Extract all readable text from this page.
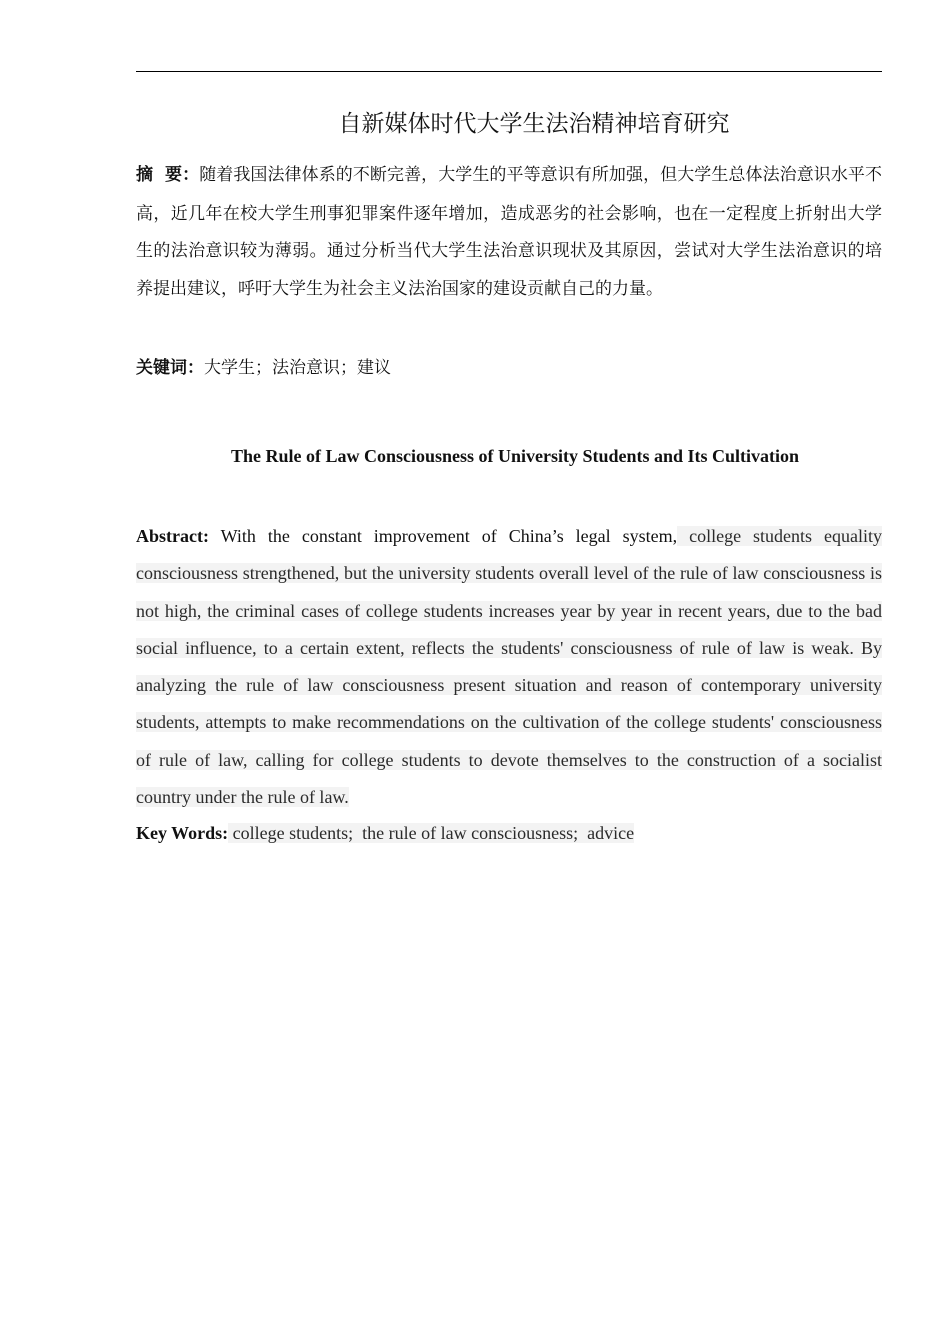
自新媒体时代大学生法治精神培育研究
摘  要：随着我国法律体系的不断完善，大学生的平等意识有所加强，但大学生总体法治意识水平不高，近几年在校大学生刑事犯罪案件逐年增加，造成恶劣的社会影响，也在一定程度上折射出大学生的法治意识较为薄弱。通过分析当代大学生法治意识现状及其原因，尝试对大学生法治意识的培养提出建议，呼吁大学生为社会主义法治国家的建设贡献自己的力量。
关键词：大学生；法治意识；建议
The Rule of Law Consciousness of University Students and Its Cultivation
Abstract: With the constant improvement of China’s legal system, college students equality consciousness strengthened, but the university students overall level of the rule of law consciousness is not high, the criminal cases of college students increases year by year in recent years, due to the bad social influence, to a certain extent, reflects the students' consciousness of rule of law is weak. By analyzing the rule of law consciousness present situation and reason of contemporary university students, attempts to make recommendations on the cultivation of the college students' consciousness of rule of law, calling for college students to devote themselves to the construction of a socialist country under the rule of law.
Key Words: college students;  the rule of law consciousness;  advice
